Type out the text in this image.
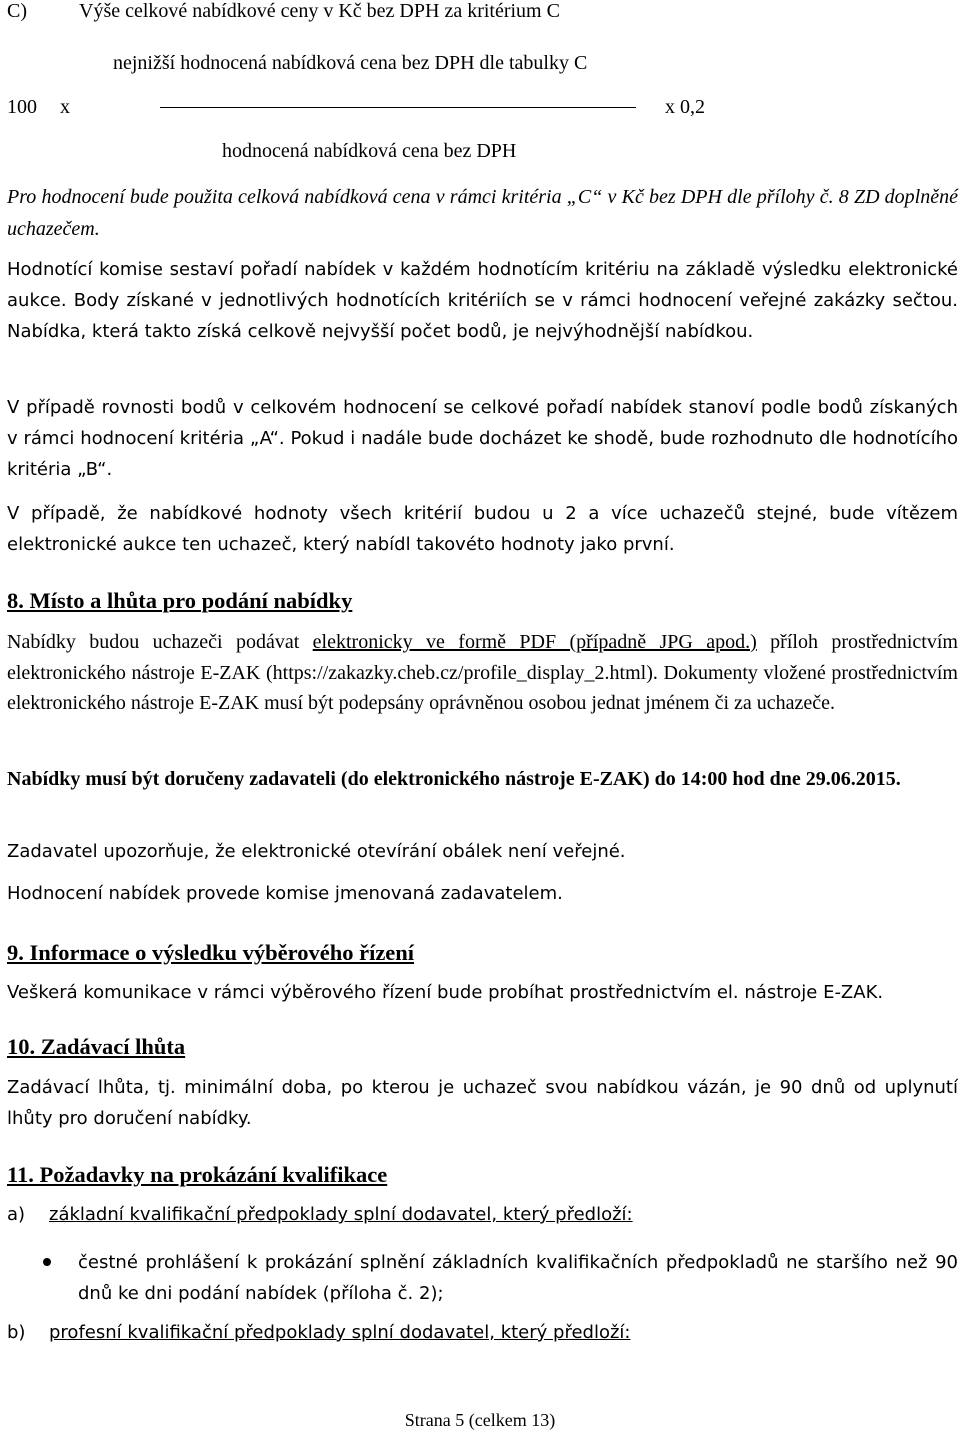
C)	Výše celkové nabídkové ceny v Kč bez DPH za kritérium C
nejnižší hodnocená nabídková cena bez DPH dle tabulky C
100 x	x 0,2
hodnocená nabídková cena bez DPH
Pro hodnocení bude použita celková nabídková cena v rámci kritéria „C“ v Kč bez DPH dle přílohy č. 8 ZD doplněné uchazečem.
Hodnotící komise sestaví pořadí nabídek v každém hodnotícím kritériu na základě výsledku elektronické aukce. Body získané v jednotlivých hodnotících kritériích se v rámci hodnocení veřejné zakázky sečtou. Nabídka, která takto získá celkově nejvyšší počet bodů, je nejvýhodnější nabídkou.
V případě rovnosti bodů v celkovém hodnocení se celkové pořadí nabídek stanoví podle bodů získaných v rámci hodnocení kritéria „A“. Pokud i nadále bude docházet ke shodě, bude rozhodnuto dle hodnotícího kritéria „B“.
V případě, že nabídkové hodnoty všech kritérií budou u 2 a více uchazečů stejné, bude vítězem elektronické aukce ten uchazeč, který nabídl takovéto hodnoty jako první.
8. Místo a lhůta pro podání nabídky
Nabídky budou uchazeči podávat elektronicky ve formě PDF (případně JPG apod.) příloh prostřednictvím elektronického nástroje E-ZAK (https://zakazky.cheb.cz/profile_display_2.html). Dokumenty vložené prostřednictvím elektronického nástroje E-ZAK musí být podepsány oprávněnou osobou jednat jménem či za uchazeče.
Nabídky musí být doručeny zadavateli (do elektronického nástroje E-ZAK) do 14:00 hod dne 29.06.2015.
Zadavatel upozorňuje, že elektronické otevírání obálek není veřejné.
Hodnocení nabídek provede komise jmenovaná zadavatelem.
9. Informace o výsledku výběrového řízení
Veškerá komunikace v rámci výběrového řízení bude probíhat prostřednictvím el. nástroje E-ZAK.
10. Zadávací lhůta
Zadávací lhůta, tj. minimální doba, po kterou je uchazeč svou nabídkou vázán, je 90 dnů od uplynutí lhůty pro doručení nabídky.
11. Požadavky na prokázání kvalifikace
a) základní kvalifikační předpoklady splní dodavatel, který předloží:
čestné prohlášení k prokázání splnění základních kvalifikačních předpokladů ne staršího než 90 dnů ke dni podání nabídek (příloha č. 2);
b) profesní kvalifikační předpoklady splní dodavatel, který předloží:
Strana 5 (celkem 13)
